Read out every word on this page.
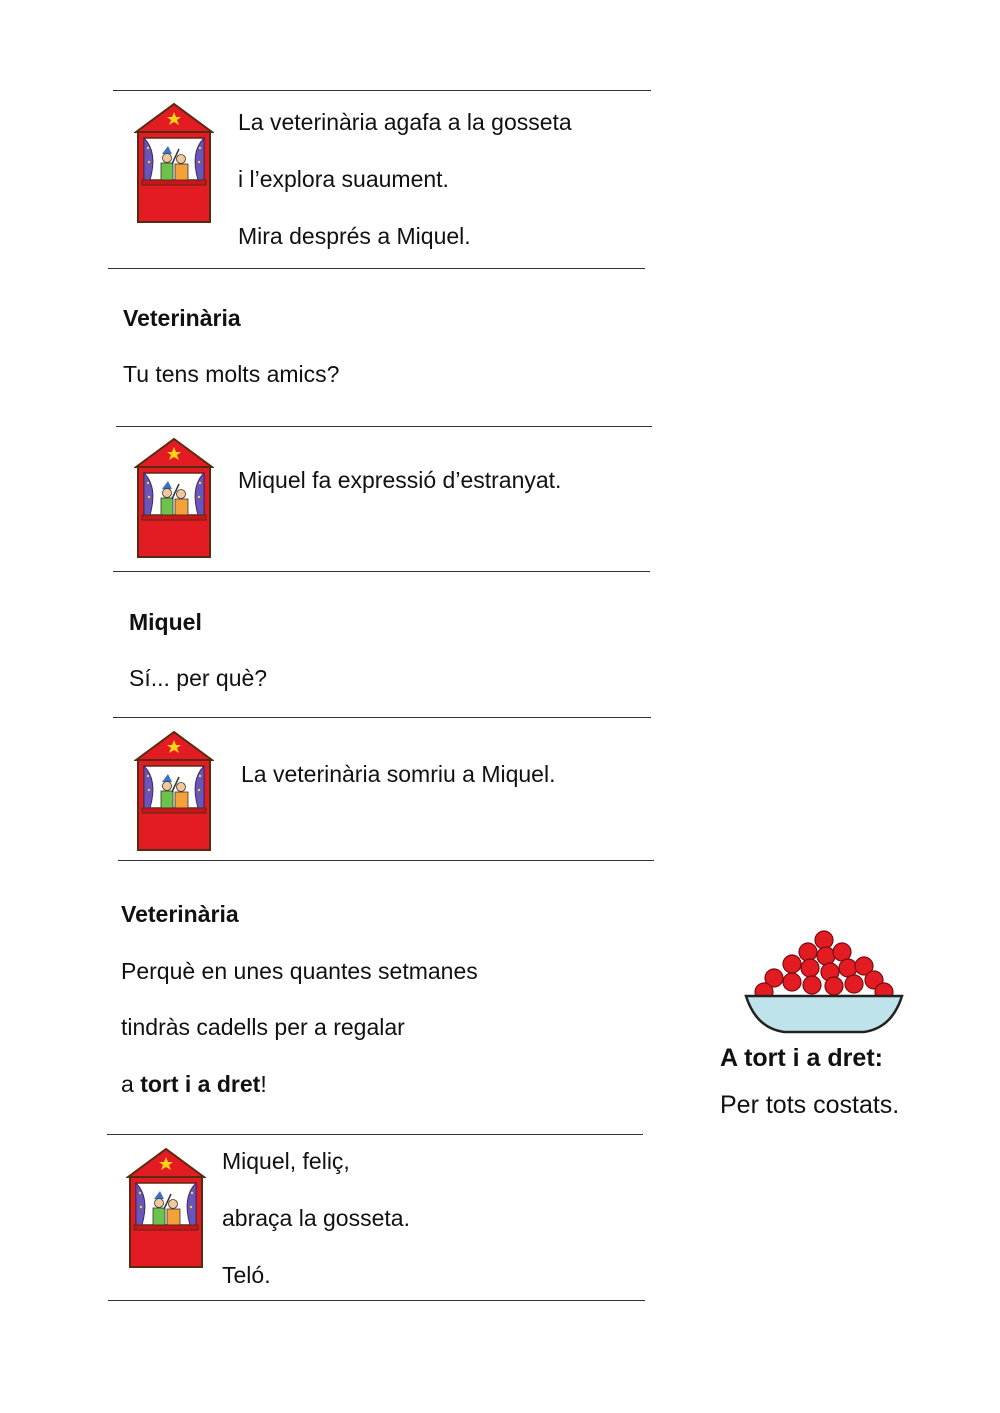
La veterinària agafa a la gosseta
i l’explora suaument.
Mira després a Miquel.
Veterinària
Tu tens molts amics?
Miquel fa expressió d’estranyat.
Miquel
Sí... per què?
La veterinària somriu a Miquel.
Veterinària
Perquè en unes quantes setmanes
tindràs cadells per a regalar
a tort i a dret!
Miquel, feliç,
abraça la gosseta.
Teló.
A tort i a dret:
Per tots costats.
